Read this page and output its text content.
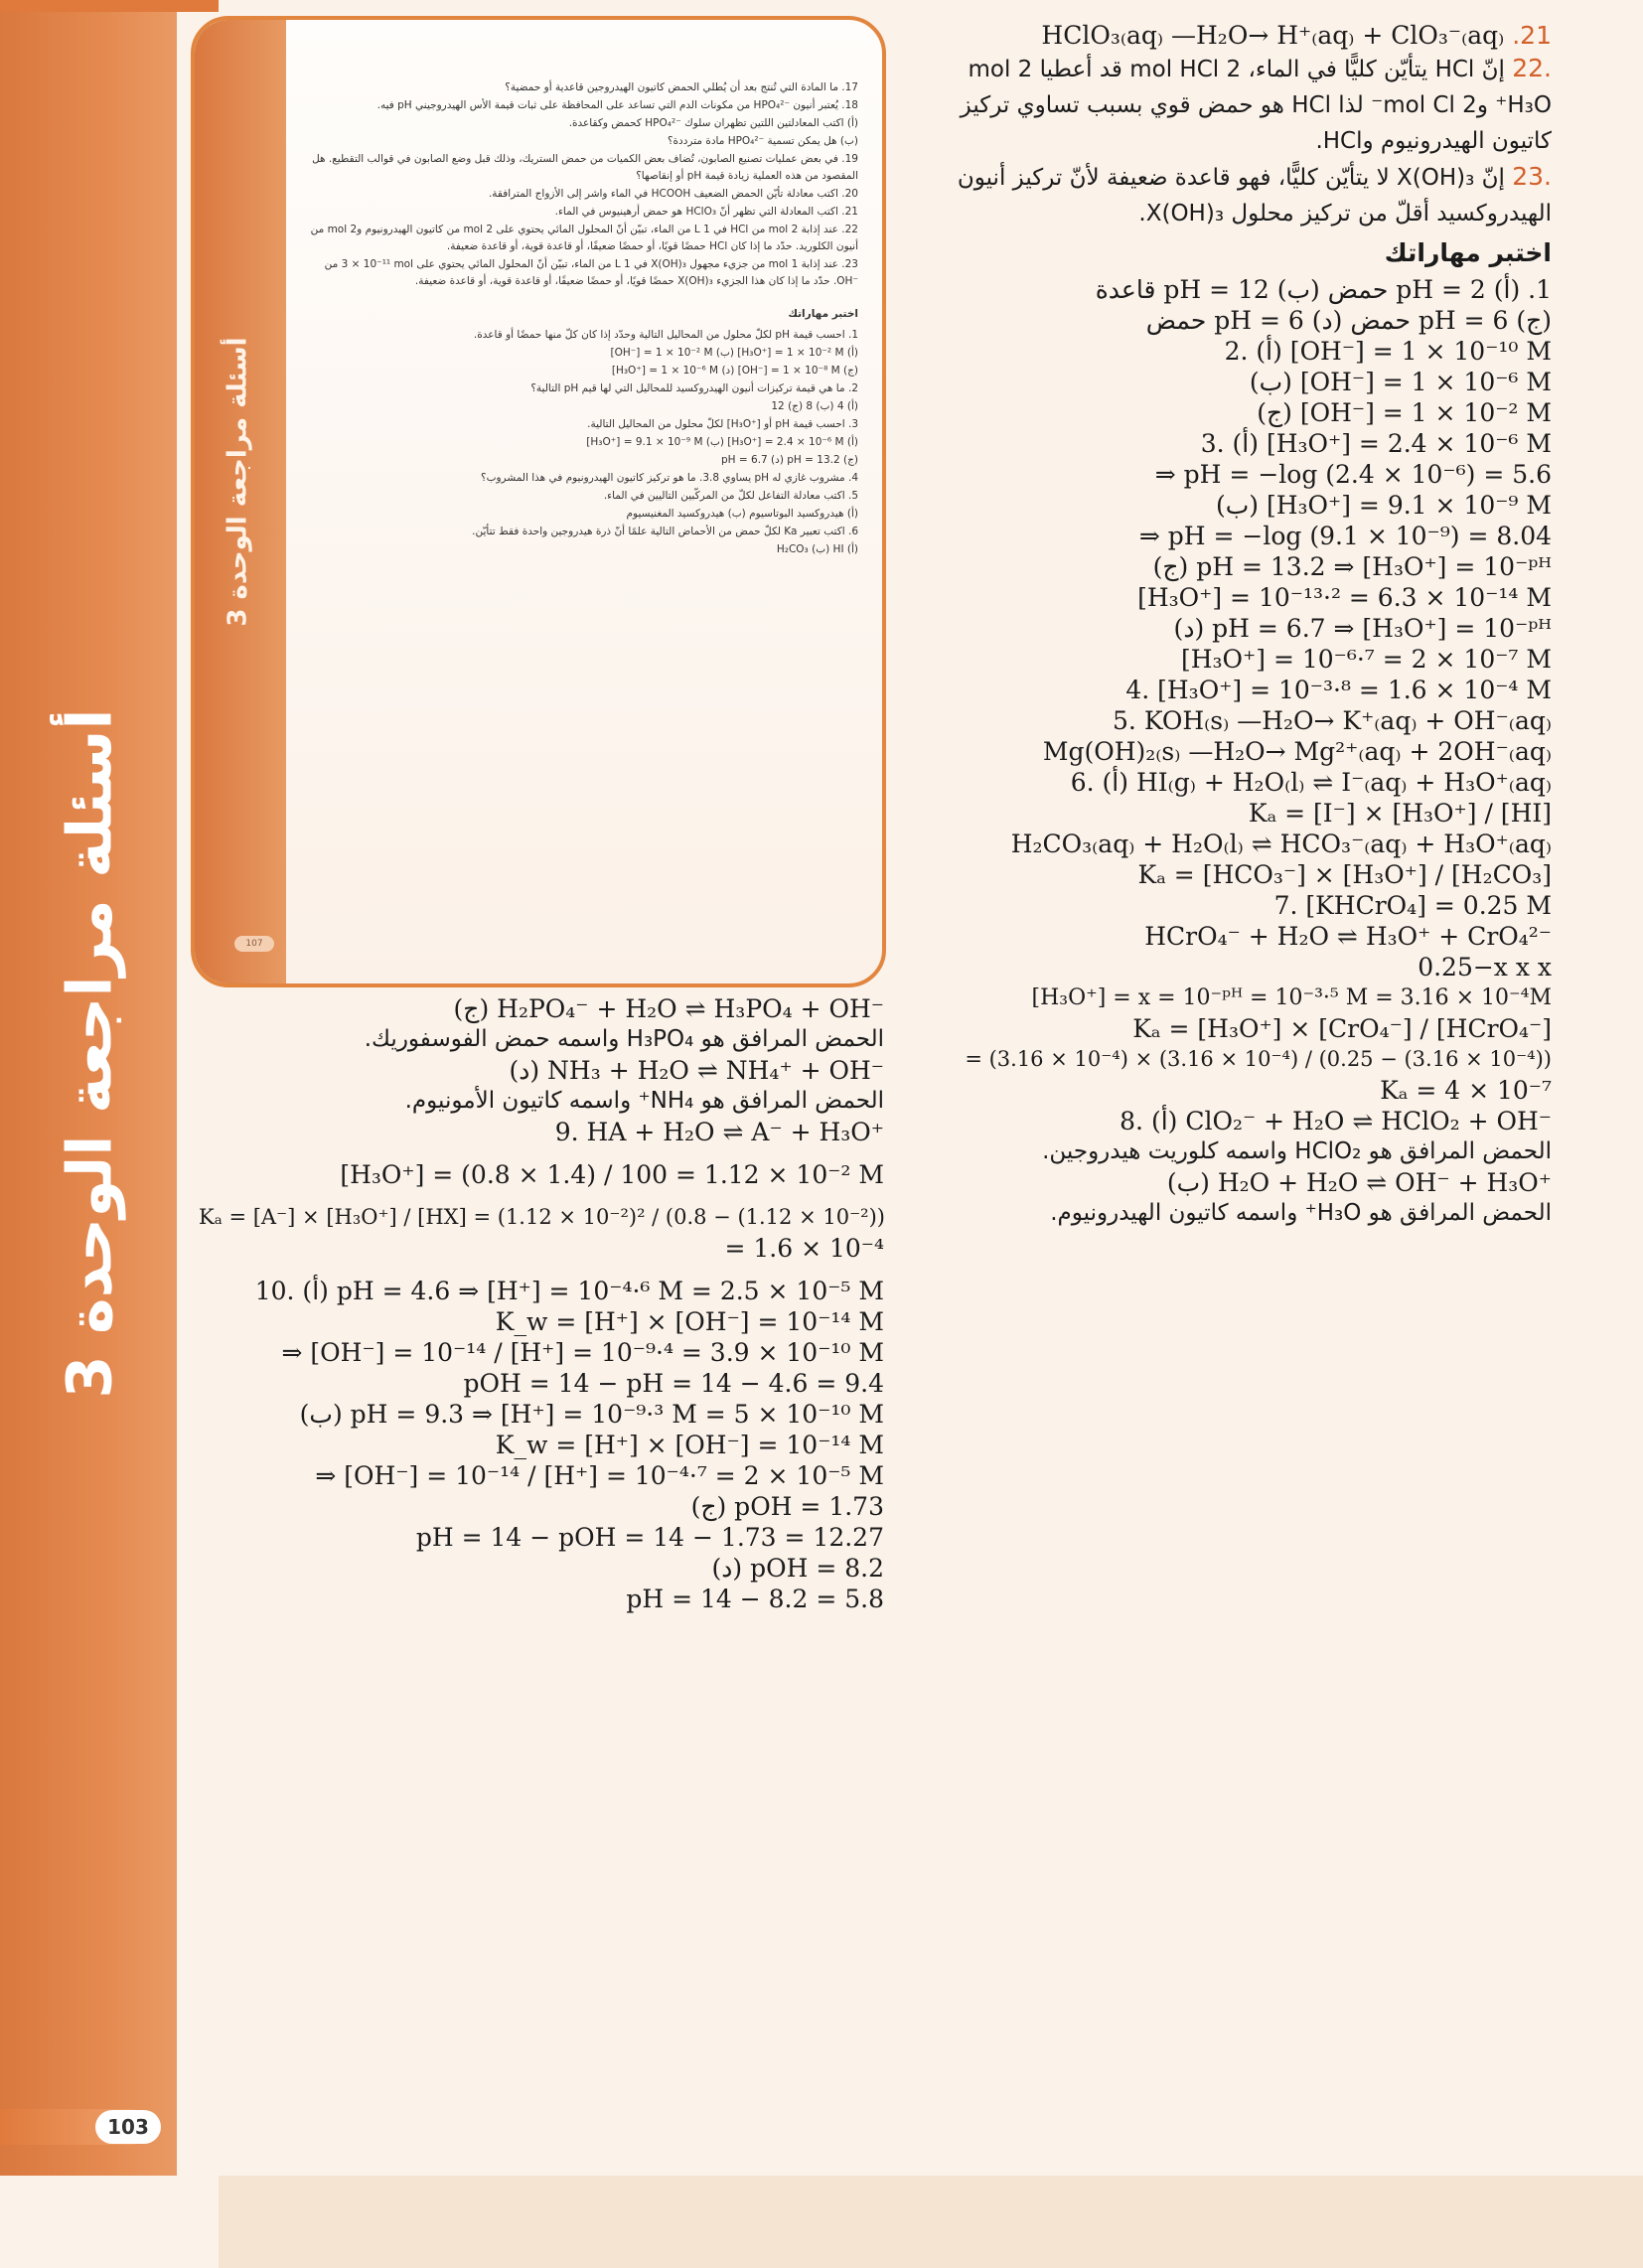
أسئلة مراجعة الوحدة 3
103
أسئلة مراجعة الوحدة 3
107

17. ما المادة التي تُنتج بعد أن يُطلي الحمض كاتيون الهيدروجين قاعدية أو حمضية؟

18. يُعتبر أنيون ‎HPO₄²⁻‎ من مكونات الدم التي تساعد على المحافظة على ثبات قيمة الأس الهيدروجيني pH فيه.

(أ) اكتب المعادلتين اللتين تظهران سلوك ‎HPO₄²⁻‎ كحمض وكقاعدة.

(ب) هل يمكن تسمية ‎HPO₄²⁻‎ مادة مترددة؟

19. في بعض عمليات تصنيع الصابون، تُضاف بعض الكميات من حمض الستريك، وذلك قبل وضع الصابون في قوالب التقطيع. هل المقصود من هذه العملية زيادة قيمة pH أو إنقاصها؟

20. اكتب معادلة تأيّن الحمض الضعيف HCOOH في الماء واشر إلى الأزواج المترافقة.

21. اكتب المعادلة التي تظهر أنّ ‎HClO₃‎ هو حمض أرهينيوس في الماء.

22. عند إذابة 2 mol من HCl في 1 L من الماء، تبيّن أنّ المحلول المائي يحتوي على 2 mol من كاتيون الهيدرونيوم و2 mol من أنيون الكلوريد. حدّد ما إذا كان HCl حمضًا قويًا، أو حمضًا ضعيفًا، أو قاعدة قوية، أو قاعدة ضعيفة.

23. عند إذابة 1 mol من جزيء مجهول ‎X(OH)₃‎ في 1 L من الماء، تبيّن أنّ المحلول المائي يحتوي على ‎3 × 10⁻¹¹ mol‎ من ‎OH⁻‎. حدّد ما إذا كان هذا الجزيء ‎X(OH)₃‎ حمضًا قويًا، أو حمضًا ضعيفًا، أو قاعدة قوية، أو قاعدة ضعيفة.

اختبر مهاراتك

1. احسب قيمة pH لكلّ محلول من المحاليل التالية وحدّد إذا كان كلّ منها حمضًا أو قاعدة.

(أ) ‎[H₃O⁺] = 1 × 10⁻² M‎ (ب) ‎[OH⁻] = 1 × 10⁻² M‎

(ج) ‎[OH⁻] = 1 × 10⁻⁸ M‎ (د) ‎[H₃O⁺] = 1 × 10⁻⁶ M‎

2. ما هي قيمة تركيزات أنيون الهيدروكسيد للمحاليل التي لها قيم pH التالية؟

(أ) 4 (ب) 8 (ج) 12

3. احسب قيمة pH أو ‎[H₃O⁺]‎ لكلّ محلول من المحاليل التالية.

(أ) ‎[H₃O⁺] = 2.4 × 10⁻⁶ M‎ (ب) ‎[H₃O⁺] = 9.1 × 10⁻⁹ M‎

(ج) pH = 13.2 (د) pH = 6.7

4. مشروب غازي له pH يساوي 3.8. ما هو تركيز كاتيون الهيدرونيوم في هذا المشروب؟

5. اكتب معادلة التفاعل لكلّ من المركّبين التاليين في الماء.

(أ) هيدروكسيد البوتاسيوم (ب) هيدروكسيد المغنيسيوم

6. اكتب تعبير Ka لكلّ حمض من الأحماض التالية علمًا أنّ ذرة هيدروجين واحدة فقط تتأيّن.

(أ) HI (ب) ‎H₂CO₃‎

HClO₃₍aq₎ —H₂O→ H⁺₍aq₎ + ClO₃⁻₍aq₎ .21
.22 إنّ HCl يتأيّن كليًّا في الماء، 2 mol HCl قد أعطيا 2 mol H₃O⁺ و2 mol Cl⁻ لذا HCl هو حمض قوي بسبب تساوي تركيز كاتيون الهيدرونيوم وHCl.
.23 إنّ X(OH)₃ لا يتأيّن كليًّا، فهو قاعدة ضعيفة لأنّ تركيز أنيون الهيدروكسيد أقلّ من تركيز محلول X(OH)₃.
اختبر مهاراتك
1. (أ) pH = 2 حمض (ب) pH = 12 قاعدة
(ج) pH = 6 حمض (د) pH = 6 حمض
2. (أ) [OH⁻] = 1 × 10⁻¹⁰ M
(ب) [OH⁻] = 1 × 10⁻⁶ M
(ج) [OH⁻] = 1 × 10⁻² M
3. (أ) [H₃O⁺] = 2.4 × 10⁻⁶ M
⇒ pH = −log (2.4 × 10⁻⁶) = 5.6
(ب) [H₃O⁺] = 9.1 × 10⁻⁹ M
⇒ pH = −log (9.1 × 10⁻⁹) = 8.04
(ج) pH = 13.2 ⇒ [H₃O⁺] = 10⁻ᵖᴴ
[H₃O⁺] = 10⁻¹³·² = 6.3 × 10⁻¹⁴ M
(د) pH = 6.7 ⇒ [H₃O⁺] = 10⁻ᵖᴴ
[H₃O⁺] = 10⁻⁶·⁷ = 2 × 10⁻⁷ M
4. [H₃O⁺] = 10⁻³·⁸ = 1.6 × 10⁻⁴ M
5. KOH₍s₎ —H₂O→ K⁺₍aq₎ + OH⁻₍aq₎
Mg(OH)₂₍s₎ —H₂O→ Mg²⁺₍aq₎ + 2OH⁻₍aq₎
6. (أ) HI₍g₎ + H₂O₍l₎ ⇌ I⁻₍aq₎ + H₃O⁺₍aq₎
Kₐ = [I⁻] × [H₃O⁺] / [HI]
H₂CO₃₍aq₎ + H₂O₍l₎ ⇌ HCO₃⁻₍aq₎ + H₃O⁺₍aq₎
Kₐ = [HCO₃⁻] × [H₃O⁺] / [H₂CO₃]
7. [KHCrO₄] = 0.25 M
HCrO₄⁻ + H₂O ⇌ H₃O⁺ + CrO₄²⁻
0.25−x x x
[H₃O⁺] = x = 10⁻ᵖᴴ = 10⁻³·⁵ M = 3.16 × 10⁻⁴M
Kₐ = [H₃O⁺] × [CrO₄⁻] / [HCrO₄⁻]
= (3.16 × 10⁻⁴) × (3.16 × 10⁻⁴) / (0.25 − (3.16 × 10⁻⁴))
Kₐ = 4 × 10⁻⁷
8. (أ) ClO₂⁻ + H₂O ⇌ HClO₂ + OH⁻
الحمض المرافق هو HClO₂ واسمه كلوريت هيدروجين.
(ب) H₂O + H₂O ⇌ OH⁻ + H₃O⁺
الحمض المرافق هو H₃O⁺ واسمه كاتيون الهيدرونيوم.
(ج) H₂PO₄⁻ + H₂O ⇌ H₃PO₄ + OH⁻
الحمض المرافق هو H₃PO₄ واسمه حمض الفوسفوريك.
(د) NH₃ + H₂O ⇌ NH₄⁺ + OH⁻
الحمض المرافق هو NH₄⁺ واسمه كاتيون الأمونيوم.
9. HA + H₂O ⇌ A⁻ + H₃O⁺
[H₃O⁺] = (0.8 × 1.4) / 100 = 1.12 × 10⁻² M
Kₐ = [A⁻] × [H₃O⁺] / [HX] = (1.12 × 10⁻²)² / (0.8 − (1.12 × 10⁻²))
= 1.6 × 10⁻⁴
10. (أ) pH = 4.6 ⇒ [H⁺] = 10⁻⁴·⁶ M = 2.5 × 10⁻⁵ M
K_w = [H⁺] × [OH⁻] = 10⁻¹⁴ M
⇒ [OH⁻] = 10⁻¹⁴ / [H⁺] = 10⁻⁹·⁴ = 3.9 × 10⁻¹⁰ M
pOH = 14 − pH = 14 − 4.6 = 9.4
(ب) pH = 9.3 ⇒ [H⁺] = 10⁻⁹·³ M = 5 × 10⁻¹⁰ M
K_w = [H⁺] × [OH⁻] = 10⁻¹⁴ M
⇒ [OH⁻] = 10⁻¹⁴ / [H⁺] = 10⁻⁴·⁷ = 2 × 10⁻⁵ M
(ج) pOH = 1.73
pH = 14 − pOH = 14 − 1.73 = 12.27
(د) pOH = 8.2
pH = 14 − 8.2 = 5.8
